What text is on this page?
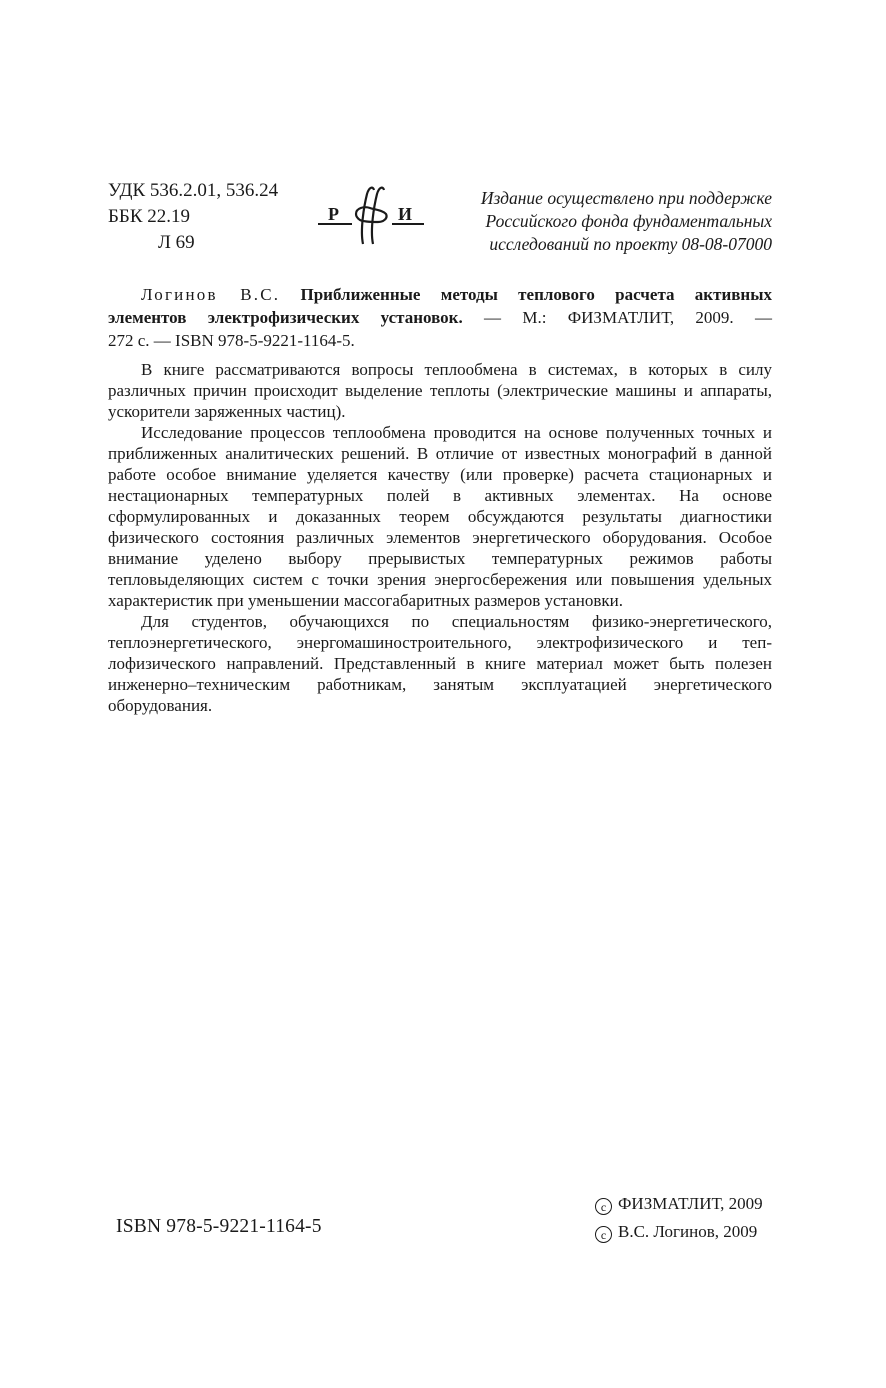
УДК 536.2.01, 536.24
ББК 22.19
Л 69
Р	И
Издание осуществлено при поддержке
Российского фонда фундаментальных
исследований по проекту 08-08-07000
Логинов В.С. Приближенные методы теплового расчета активных
элементов электрофизических установок. — М.: ФИЗМАТЛИТ, 2009. —
272 с. — ISBN 978-5-9221-1164-5.

В книге рассматриваются вопросы теплообмена в системах, в которых в силу различных причин происходит выделение теплоты (электрические машины и аппараты, ускорители заряженных частиц).

Исследование процессов теплообмена проводится на основе полученных точных и приближенных аналитических решений. В отличие от известных монографий в данной работе особое внимание уделяется качеству (или проверке) расчета стационарных и нестационарных температурных полей в активных элементах. На основе сформулированных и доказанных теорем обсуждаются результаты диагностики физического состояния различных элементов энергетического оборудования. Особое внимание уделено выбору прерывистых температурных режимов работы тепловыделяющих систем с точки зрения энергосбережения или повышения удельных характеристик при уменьшении массогабаритных размеров установки.

Для студентов, обучающихся по специальностям физико-энергетического, теплоэнергетического, энергомашиностроительного, электрофизического и теплофизического направлений. Представленный в книге материал может быть полезен инженерно–техническим работникам, занятым эксплуатацией энергетического оборудования.

ISBN 978-5-9221-1164-5
c ФИЗМАТЛИТ, 2009
c В.С. Логинов, 2009
